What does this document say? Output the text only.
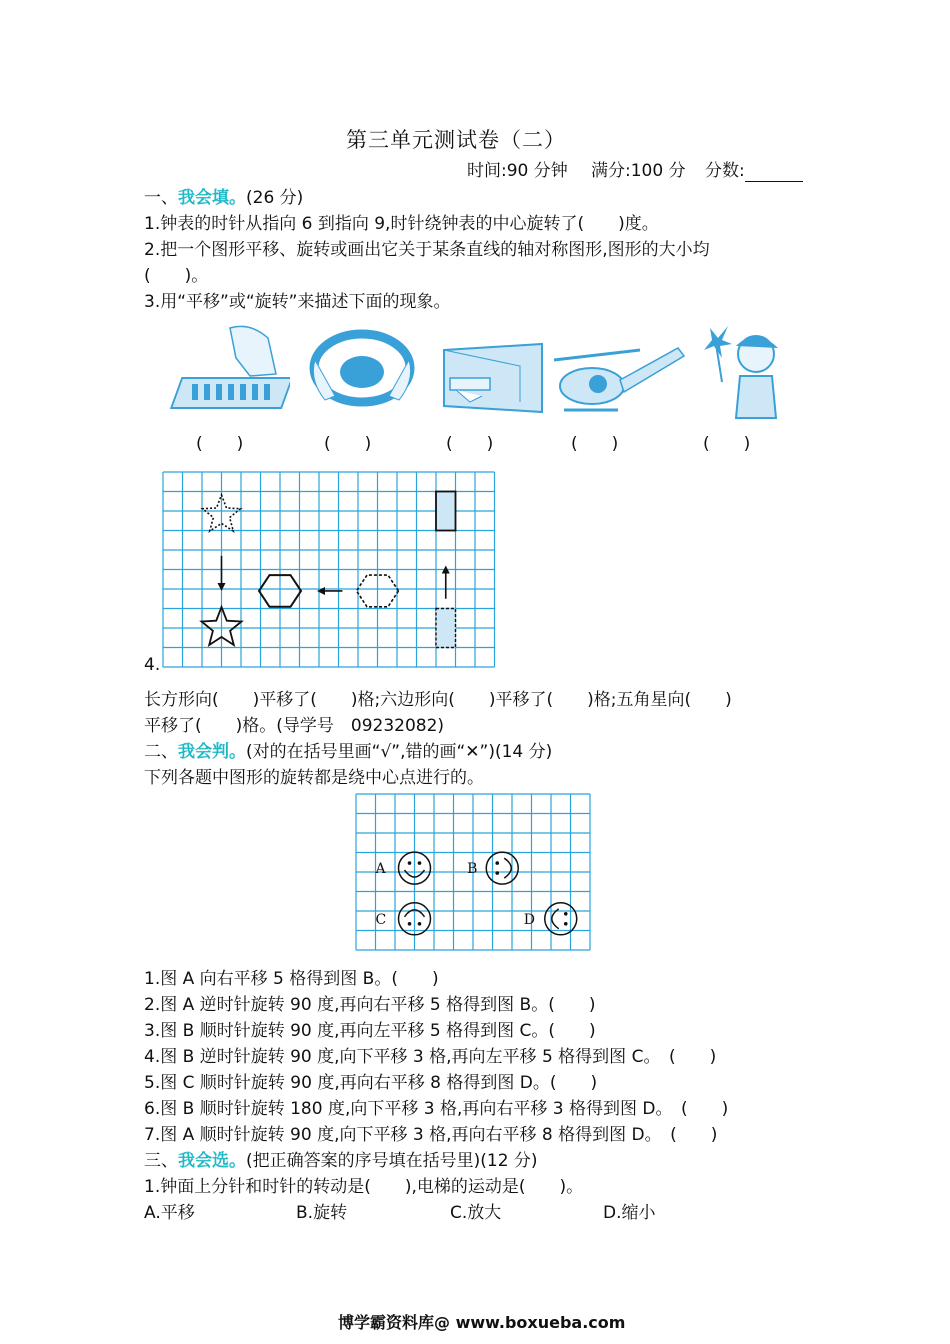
第三单元测试卷（二）
时间:90 分钟 满分:100 分 分数:
一、我会填。(26 分)
1.钟表的时针从指向 6 到指向 9,时针绕钟表的中心旋转了(　　)度。
2.把一个图形平移、旋转或画出它关于某条直线的轴对称图形,图形的大小均
(　　)。
3.用“平移”或“旋转”来描述下面的现象。
(　　)	(　　)	(　　)	(　　)	(　　)
4.
长方形向(　　)平移了(　　)格;六边形向(　　)平移了(　　)格;五角星向(　　)
平移了(　　)格。(导学号　09232082)
二、我会判。(对的在括号里画“√”,错的画“✕”)(14 分)
下列各题中图形的旋转都是绕中心点进行的。
A	B
C	D
1.图 A 向右平移 5 格得到图 B。(　　)
2.图 A 逆时针旋转 90 度,再向右平移 5 格得到图 B。(　　)
3.图 B 顺时针旋转 90 度,再向左平移 5 格得到图 C。(　　)
4.图 B 逆时针旋转 90 度,向下平移 3 格,再向左平移 5 格得到图 C。　(　　)
5.图 C 顺时针旋转 90 度,再向右平移 8 格得到图 D。(　　)
6.图 B 顺时针旋转 180 度,向下平移 3 格,再向右平移 3 格得到图 D。　(　　)
7.图 A 顺时针旋转 90 度,向下平移 3 格,再向右平移 8 格得到图 D。　(　　)
三、我会选。(把正确答案的序号填在括号里)(12 分)
1.钟面上分针和时针的转动是(　　),电梯的运动是(　　)。
A.平移	B.旋转	C.放大	D.缩小
博学霸资料库@ www.boxueba.com
